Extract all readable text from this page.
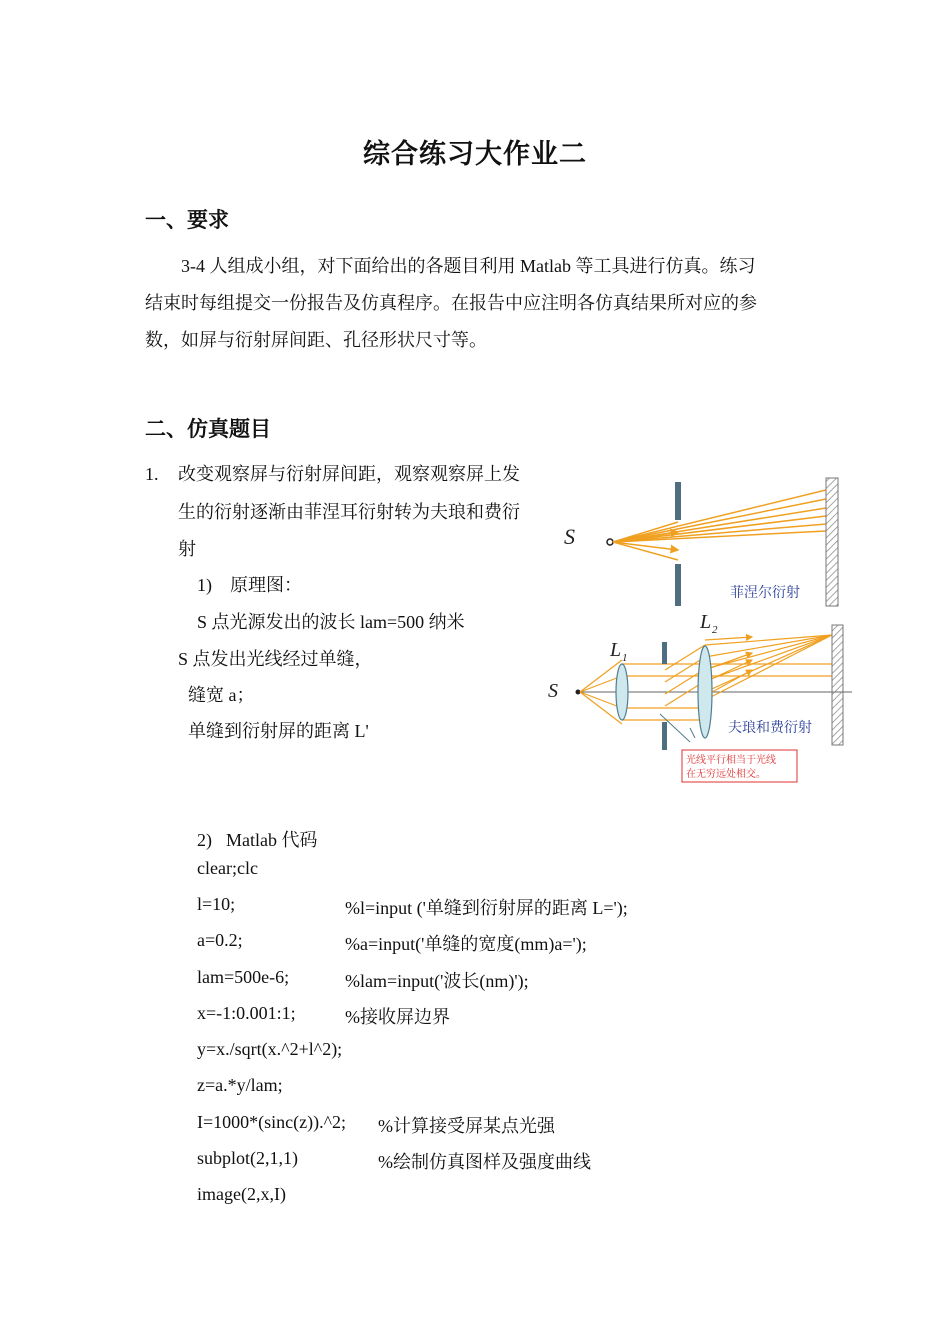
综合练习大作业二
一、要求
3-4 人组成小组，对下面给出的各题目利用 Matlab 等工具进行仿真。练习
结束时每组提交一份报告及仿真程序。在报告中应注明各仿真结果所对应的参
数，如屏与衍射屏间距、孔径形状尺寸等。
二、仿真题目
1. 改变观察屏与衍射屏间距，观察观察屏上发
生的衍射逐渐由菲涅耳衍射转为夫琅和费衍
射
1) 原理图：
S 点光源发出的波长 lam=500 纳米
S 点发出光线经过单缝，
缝宽 a；
单缝到衍射屏的距离 L'
S
菲涅尔衍射
L 2
L 1
S
夫琅和费衍射
光线平行相当于光线
在无穷远处相交。
2) Matlab 代码
clear;clc
l=10;	%l=input ('单缝到衍射屏的距离 L=');
a=0.2;	%a=input('单缝的宽度(mm)a=');
lam=500e-6;	%lam=input('波长(nm)');
x=-1:0.001:1;	%接收屏边界
y=x./sqrt(x.^2+l^2);
z=a.*y/lam;
I=1000*(sinc(z)).^2; %计算接受屏某点光强
subplot(2,1,1)	%绘制仿真图样及强度曲线
image(2,x,I)
